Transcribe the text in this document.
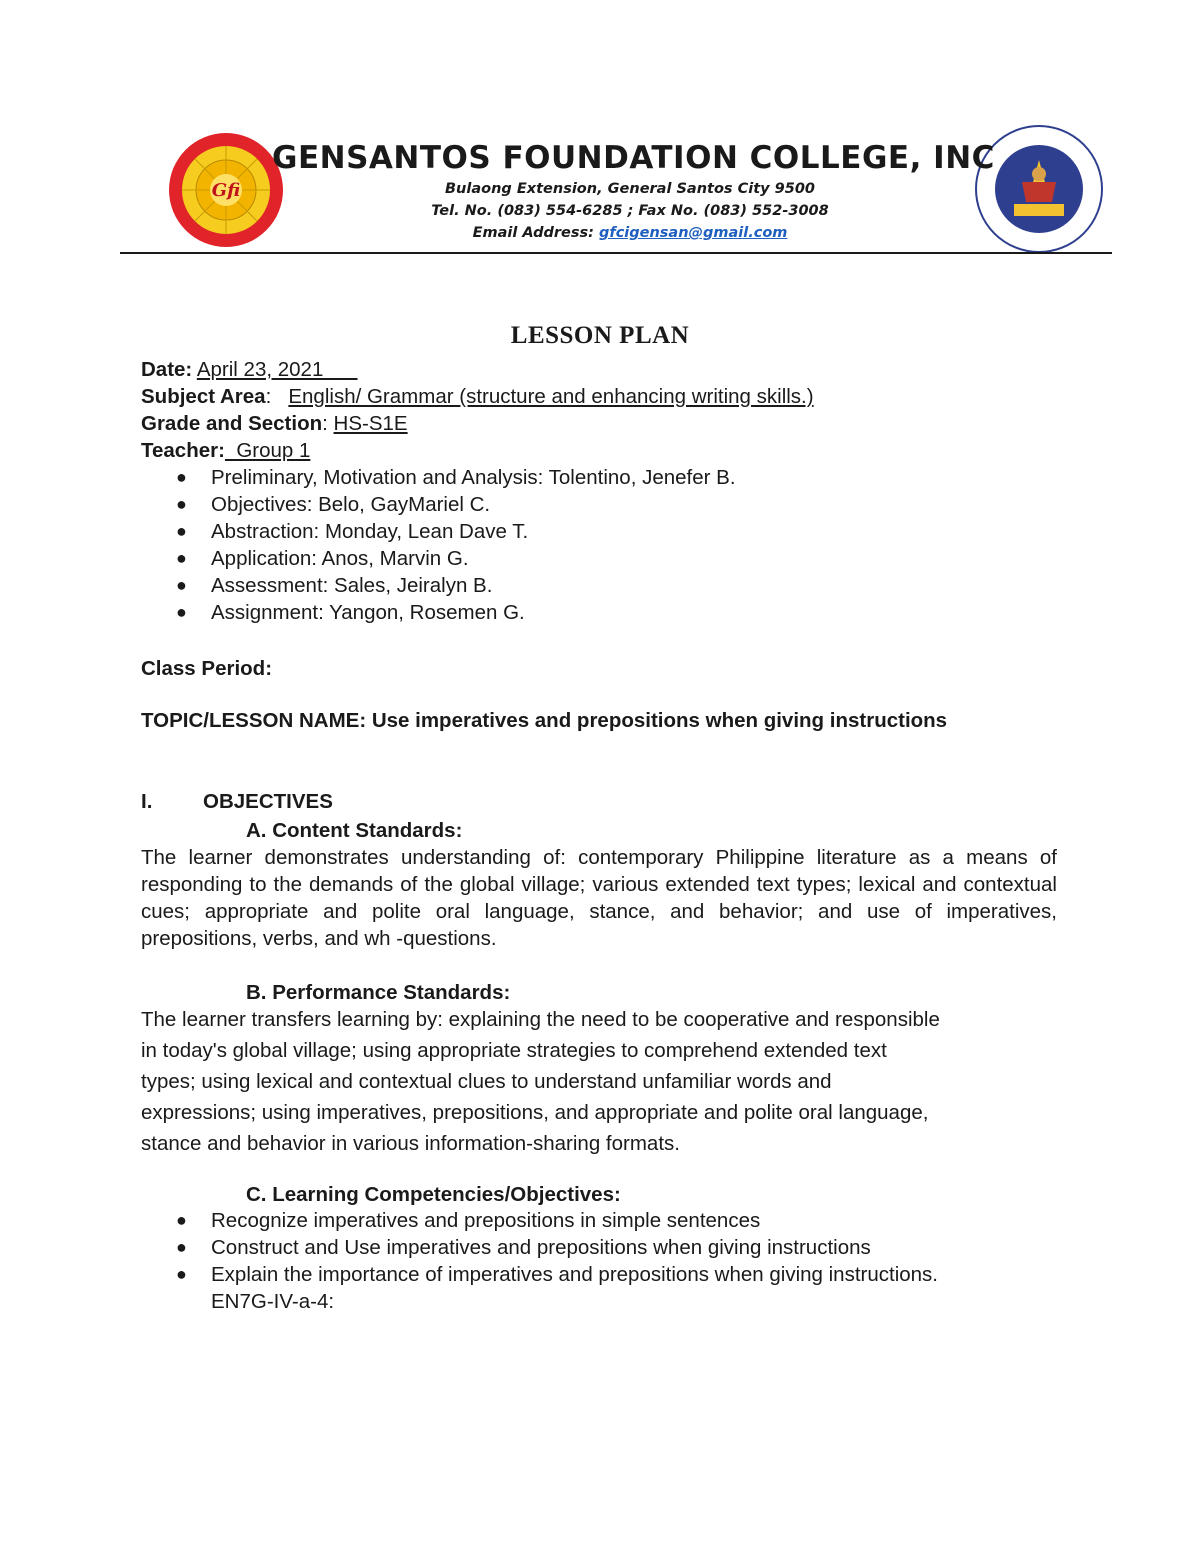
Gfi
GENSANTOS FOUNDATION COLLEGE, INC
Bulaong Extension, General Santos City 9500
Tel. No. (083) 554-6285 ; Fax No. (083) 552-3008
Email Address: gfcigensan@gmail.com
LESSON PLAN
Date: April 23, 2021
Subject Area:   English/ Grammar (structure and enhancing writing skills.)
Grade and Section: HS-S1E
Teacher:  Group 1
● Preliminary, Motivation and Analysis: Tolentino, Jenefer B.
● Objectives: Belo, GayMariel C.
● Abstraction: Monday, Lean Dave T.
● Application: Anos, Marvin G.
● Assessment: Sales, Jeiralyn B.
● Assignment: Yangon, Rosemen G.
Class Period:
TOPIC/LESSON NAME: Use imperatives and prepositions when giving instructions
I. OBJECTIVES
A. Content Standards:
The learner demonstrates understanding of: contemporary Philippine literature as a means of responding to the demands of the global village; various extended text types; lexical and contextual cues; appropriate and polite oral language, stance, and behavior; and use of imperatives, prepositions, verbs, and wh -questions.
B. Performance Standards:
The learner transfers learning by: explaining the need to be cooperative and responsible
in today's global village; using appropriate strategies to comprehend extended text
types; using lexical and contextual clues to understand unfamiliar words and
expressions; using imperatives, prepositions, and appropriate and polite oral language,
stance and behavior in various information-sharing formats.
C. Learning Competencies/Objectives:
● Recognize imperatives and prepositions in simple sentences
● Construct and Use imperatives and prepositions when giving instructions
● Explain the importance of imperatives and prepositions when giving instructions.
EN7G-IV-a-4:
